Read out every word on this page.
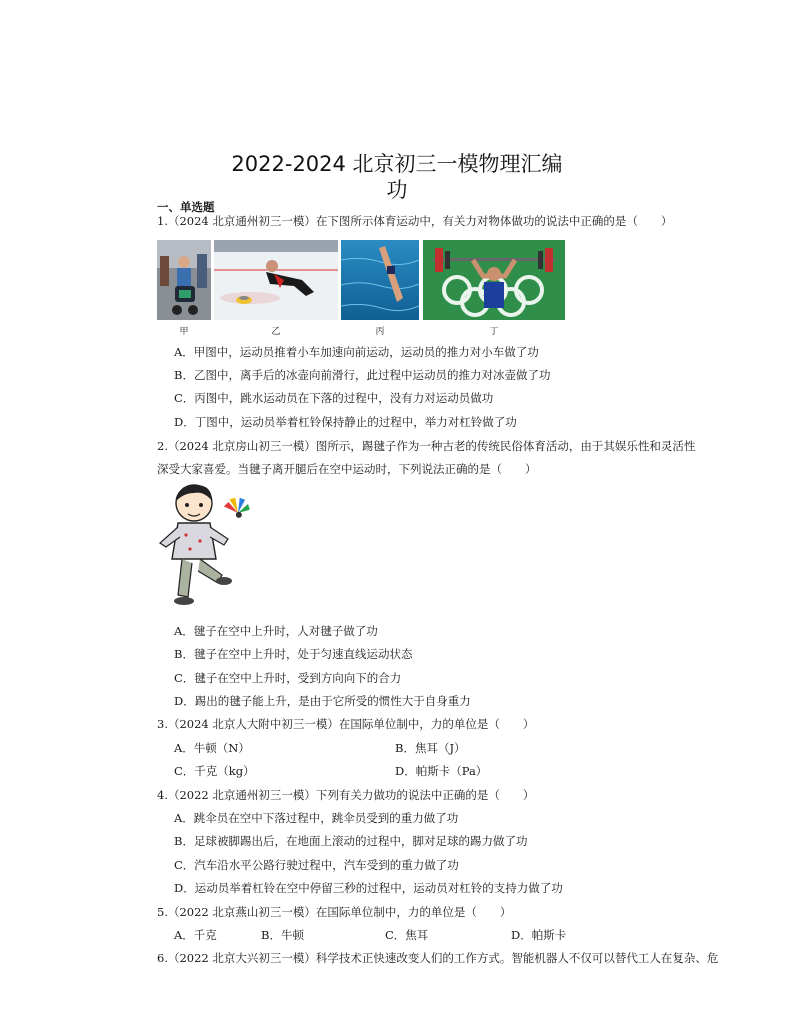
2022-2024 北京初三一模物理汇编
功
一、单选题
1.（2024 北京通州初三一模）在下图所示体育运动中，有关力对物体做功的说法中正确的是（　　）
甲	乙	丙	丁
A．甲图中，运动员推着小车加速向前运动，运动员的推力对小车做了功
B．乙图中，离手后的冰壶向前滑行，此过程中运动员的推力对冰壶做了功
C．丙图中，跳水运动员在下落的过程中，没有力对运动员做功
D．丁图中，运动员举着杠铃保持静止的过程中，举力对杠铃做了功
2.（2024 北京房山初三一模）图所示，踢毽子作为一种古老的传统民俗体育活动，由于其娱乐性和灵活性
深受大家喜爱。当毽子离开腿后在空中运动时，下列说法正确的是（　　）
A．毽子在空中上升时，人对毽子做了功
B．毽子在空中上升时，处于匀速直线运动状态
C．毽子在空中上升时，受到方向向下的合力
D．踢出的毽子能上升，是由于它所受的惯性大于自身重力
3.（2024 北京人大附中初三一模）在国际单位制中，力的单位是（　　）
A．牛顿（N）	B．焦耳（J）
C．千克（kg）	D．帕斯卡（Pa）
4.（2022 北京通州初三一模）下列有关力做功的说法中正确的是（　　）
A．跳伞员在空中下落过程中，跳伞员受到的重力做了功
B．足球被脚踢出后，在地面上滚动的过程中，脚对足球的踢力做了功
C．汽车沿水平公路行驶过程中，汽车受到的重力做了功
D．运动员举着杠铃在空中停留三秒的过程中，运动员对杠铃的支持力做了功
5.（2022 北京燕山初三一模）在国际单位制中，力的单位是（　　）
A．千克	B．牛顿	C．焦耳	D．帕斯卡
6.（2022 北京大兴初三一模）科学技术正快速改变人们的工作方式。智能机器人不仅可以替代工人在复杂、危
